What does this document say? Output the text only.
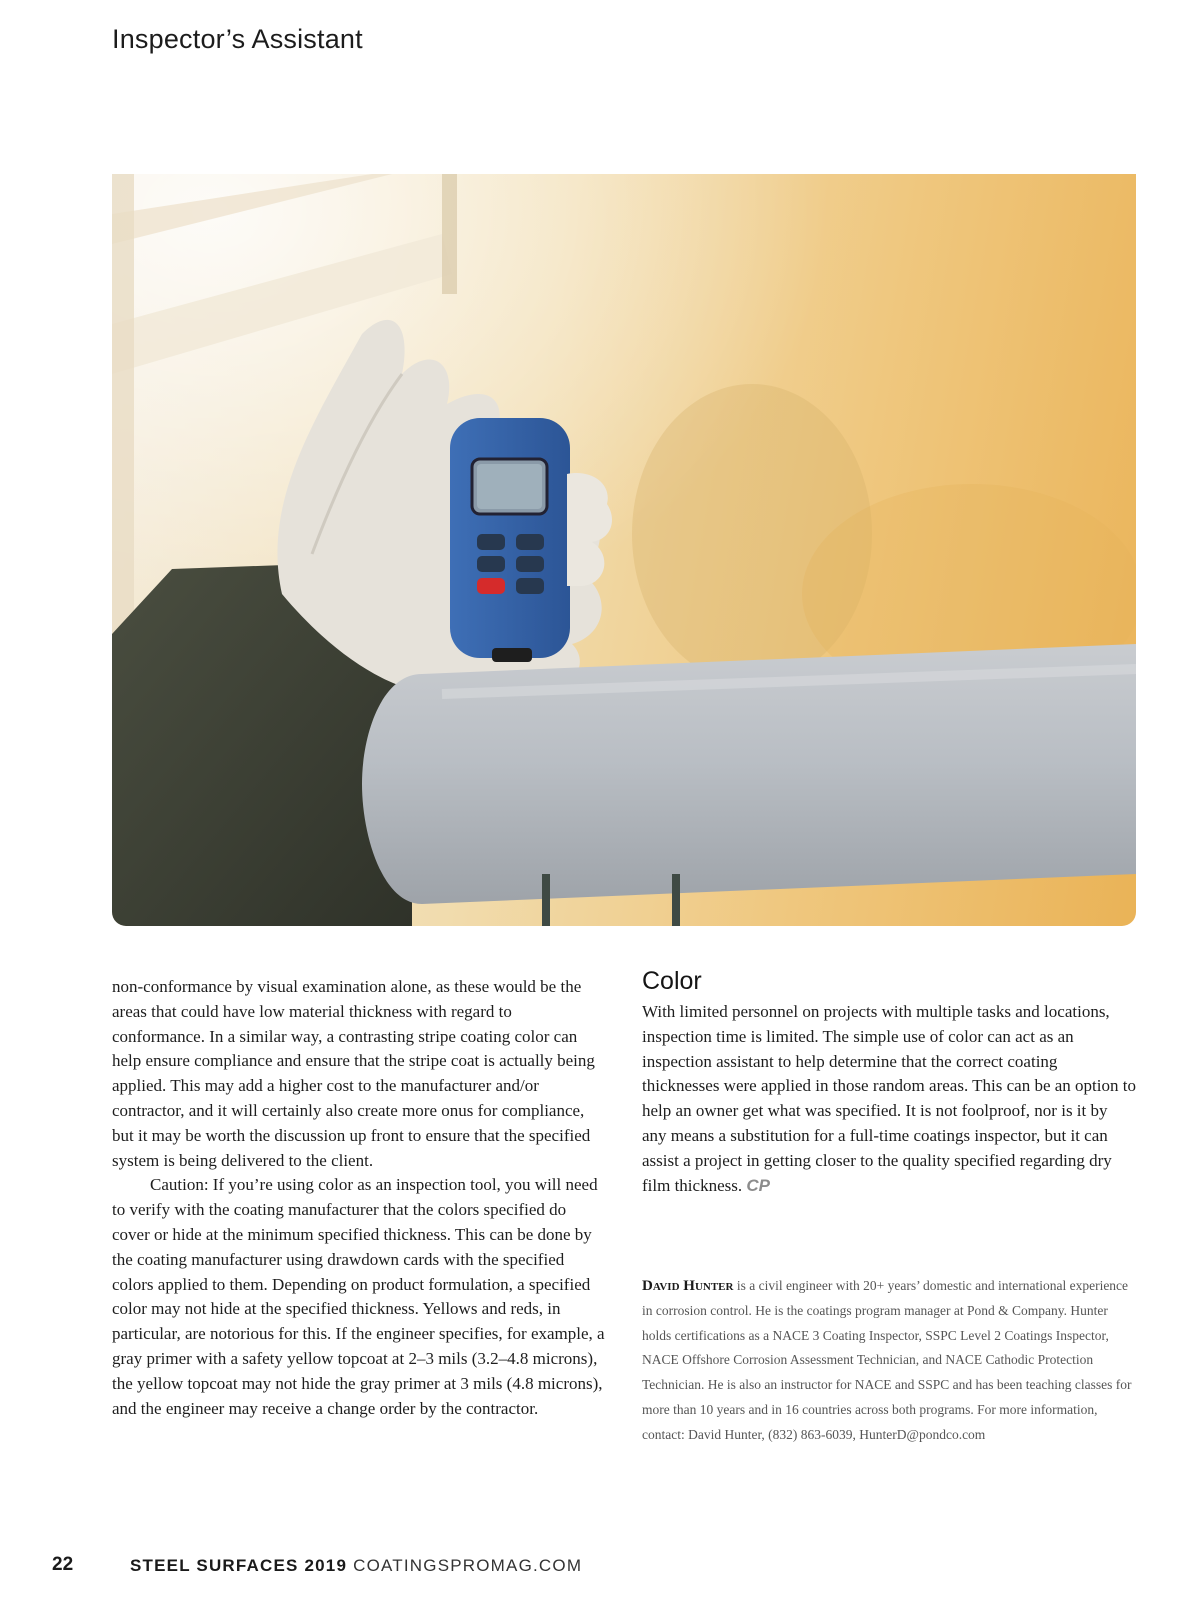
Inspector’s Assistant

non-conformance by visual examination alone, as these would be the areas that could have low material thickness with regard to conformance. In a similar way, a contrasting stripe coating color can help ensure compliance and ensure that the stripe coat is actually being applied. This may add a higher cost to the manufacturer and/or contractor, and it will certainly also create more onus for compliance, but it may be worth the discussion up front to ensure that the specified system is being delivered to the client.

Caution: If you’re using color as an inspection tool, you will need to verify with the coating manufacturer that the colors specified do cover or hide at the minimum specified thickness. This can be done by the coating manufacturer using drawdown cards with the specified colors applied to them. Depending on product formulation, a specified color may not hide at the specified thickness. Yellows and reds, in particular, are notorious for this. If the engineer specifies, for example, a gray primer with a safety yellow topcoat at 2–3 mils (3.2–4.8 microns), the yellow topcoat may not hide the gray primer at 3 mils (4.8 microns), and the engineer may receive a change order by the contractor.

Color

With limited personnel on projects with multiple tasks and locations, inspection time is limited. The simple use of color can act as an inspection assistant to help determine that the correct coating thicknesses were applied in those random areas. This can be an option to help an owner get what was specified. It is not foolproof, nor is it by any means a substitution for a full-time coatings inspector, but it can assist a project in getting closer to the quality specified regarding dry film thickness. CP

David Hunter is a civil engineer with 20+ years’ domestic and international experience in corrosion control. He is the coatings program manager at Pond & Company. Hunter holds certifications as a NACE 3 Coating Inspector, SSPC Level 2 Coatings Inspector, NACE Offshore Corrosion Assessment Technician, and NACE Cathodic Protection Technician. He is also an instructor for NACE and SSPC and has been teaching classes for more than 10 years and in 16 countries across both programs. For more information, contact: David Hunter, (832) 863-6039, HunterD@pondco.com
22	STEEL SURFACES 2019 COATINGSPROMAG.COM
